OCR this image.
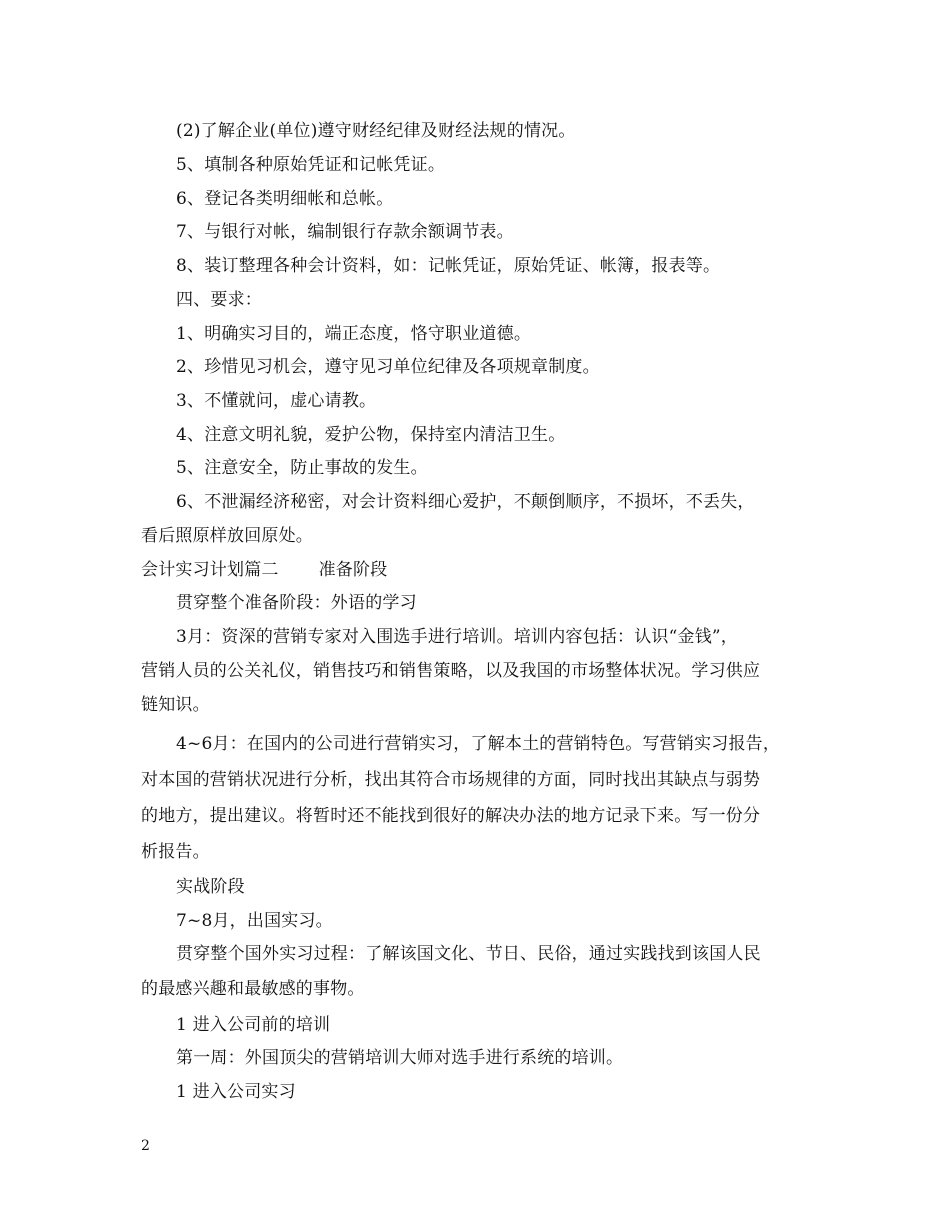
(2)了解企业(单位)遵守财经纪律及财经法规的情况。
5、填制各种原始凭证和记帐凭证。
6、登记各类明细帐和总帐。
7、与银行对帐，编制银行存款余额调节表。
8、装订整理各种会计资料，如：记帐凭证，原始凭证、帐簿，报表等。
四、要求：
1、明确实习目的，端正态度，恪守职业道德。
2、珍惜见习机会，遵守见习单位纪律及各项规章制度。
3、不懂就问，虚心请教。
4、注意文明礼貌，爱护公物，保持室内清洁卫生。
5、注意安全，防止事故的发生。
6、不泄漏经济秘密，对会计资料细心爱护，不颠倒顺序，不损坏，不丢失，
看后照原样放回原处。
会计实习计划篇二 准备阶段
贯穿整个准备阶段：外语的学习
3月：资深的营销专家对入围选手进行培训。培训内容包括：认识“金钱”，
营销人员的公关礼仪，销售技巧和销售策略，以及我国的市场整体状况。学习供应
链知识。
4~6月：在国内的公司进行营销实习，了解本土的营销特色。写营销实习报告，
对本国的营销状况进行分析，找出其符合市场规律的方面，同时找出其缺点与弱势
的地方，提出建议。将暂时还不能找到很好的解决办法的地方记录下来。写一份分
析报告。
实战阶段
7~8月，出国实习。
贯穿整个国外实习过程：了解该国文化、节日、民俗，通过实践找到该国人民
的最感兴趣和最敏感的事物。
1 进入公司前的培训
第一周：外国顶尖的营销培训大师对选手进行系统的培训。
1 进入公司实习
2
